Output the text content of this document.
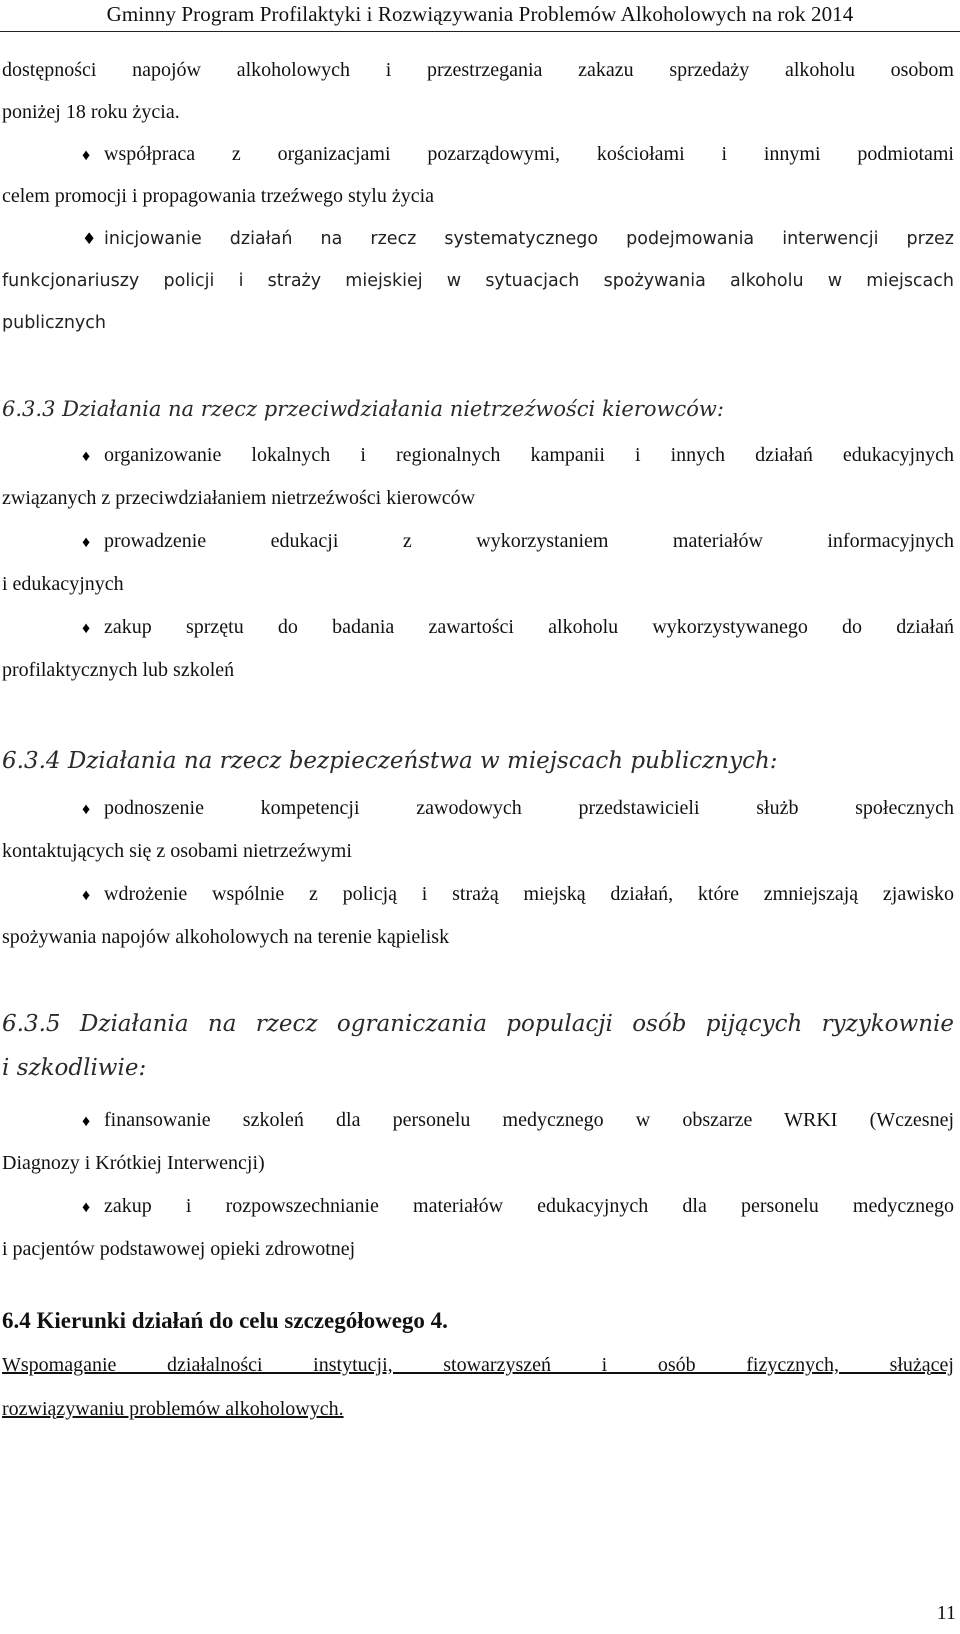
Gminny Program Profilaktyki i Rozwiązywania Problemów Alkoholowych na rok 2014
dostępności napojów alkoholowych i przestrzegania zakazu sprzedaży alkoholu osobom
poniżej 18 roku życia.
♦ współpraca z organizacjami pozarządowymi, kościołami i innymi podmiotami
celem promocji i propagowania trzeźwego stylu życia
♦ inicjowanie działań na rzecz systematycznego podejmowania interwencji przez
funkcjonariuszy policji i straży miejskiej w sytuacjach spożywania alkoholu w miejscach
publicznych
6.3.3 Działania na rzecz przeciwdziałania nietrzeźwości kierowców:
♦ organizowanie lokalnych i regionalnych kampanii i innych działań edukacyjnych
związanych z przeciwdziałaniem nietrzeźwości kierowców
♦ prowadzenie edukacji z wykorzystaniem materiałów informacyjnych
i edukacyjnych
♦ zakup sprzętu do badania zawartości alkoholu wykorzystywanego do działań
profilaktycznych lub szkoleń
6.3.4 Działania na rzecz bezpieczeństwa w miejscach publicznych:
♦ podnoszenie kompetencji zawodowych przedstawicieli służb społecznych
kontaktujących się z osobami nietrzeźwymi
♦ wdrożenie wspólnie z policją i strażą miejską działań, które zmniejszają zjawisko
spożywania napojów alkoholowych na terenie kąpielisk
6.3.5 Działania na rzecz ograniczania populacji osób pijących ryzykownie
i szkodliwie:
♦ finansowanie szkoleń dla personelu medycznego w obszarze WRKI (Wczesnej
Diagnozy i Krótkiej Interwencji)
♦ zakup i rozpowszechnianie materiałów edukacyjnych dla personelu medycznego
i pacjentów podstawowej opieki zdrowotnej
6.4 Kierunki działań do celu szczegółowego 4.
Wspomaganie działalności instytucji, stowarzyszeń i osób fizycznych, służącej
rozwiązywaniu problemów alkoholowych.
11
